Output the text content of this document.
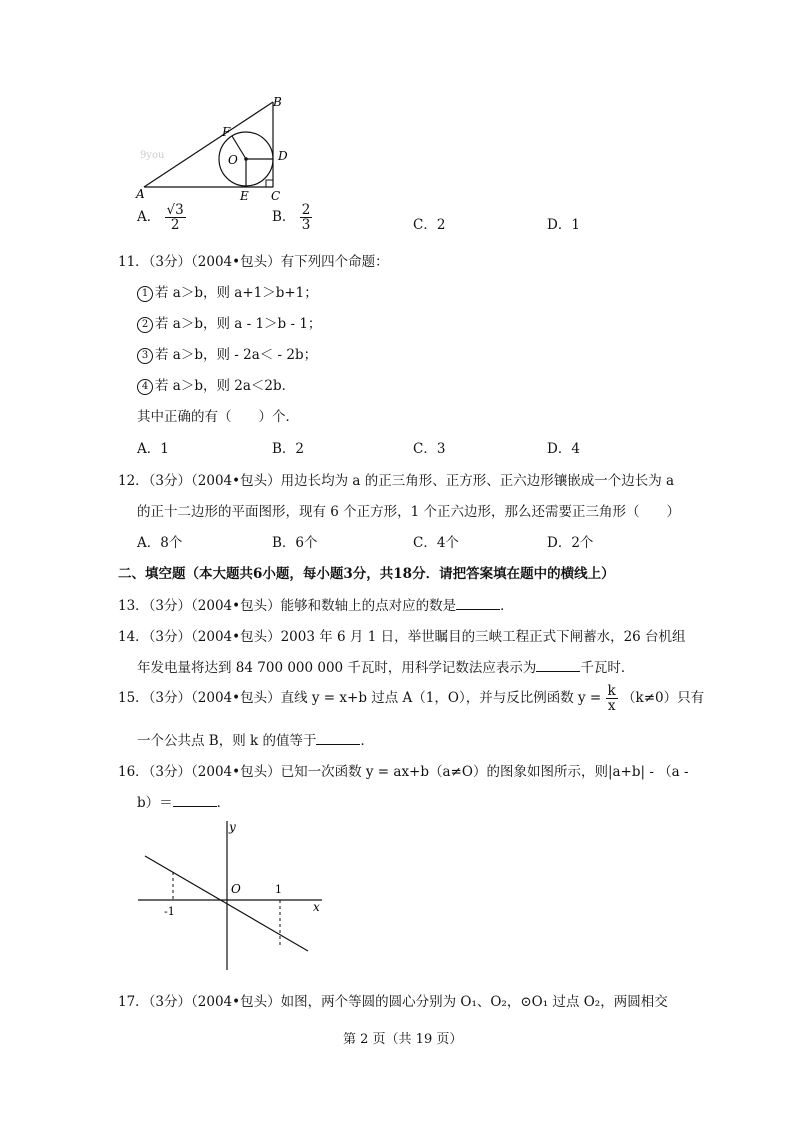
9you
B
F
O	D
A	E C
A． $\frac{√3}{2}$	B． $\frac{2}{3}$	C．2	D．1
11．（3分）（2004•包头）有下列四个命题：
1 若 a＞b，则 a+1＞b+1；
2 若 a＞b，则 a - 1＞b - 1；
3 若 a＞b，则 - 2a＜ - 2b；
4 若 a＞b，则 2a＜2b．
其中正确的有（　　）个．
A．1	B．2	C．3	D．4
12．（3分）（2004•包头）用边长均为 a 的正三角形、正方形、正六边形镶嵌成一个边长为 a
的正十二边形的平面图形，现有 6 个正方形，1 个正六边形，那么还需要正三角形（　　）
A．8个	B．6个	C．4个	D．2个
二、填空题（本大题共6小题，每小题3分，共18分．请把答案填在题中的横线上）
13．（3分）（2004•包头）能够和数轴上的点对应的数是	．
14．（3分）（2004•包头）2003 年 6 月 1 日，举世瞩目的三峡工程正式下闸蓄水，26 台机组
年发电量将达到 84 700 000 000 千瓦时，用科学记数法应表示为	千瓦时．
15．（3分）（2004•包头）直线 y = x+b 过点 A（1，O），并与反比例函数 $y = \frac{k}{x} (k\ne 0)$只有
一个公共点 B，则 k 的值等于	．
16．（3分）（2004•包头）已知一次函数 y = ax+b（a≠O）的图象如图所示，则|a+b| - （a -
b）＝	．
y
x
O	1
-1
17．（3分）（2004•包头）如图，两个等圆的圆心分别为 O₁、O₂，⊙O₁ 过点 O₂，两圆相交
第 2 页（共 19 页）
